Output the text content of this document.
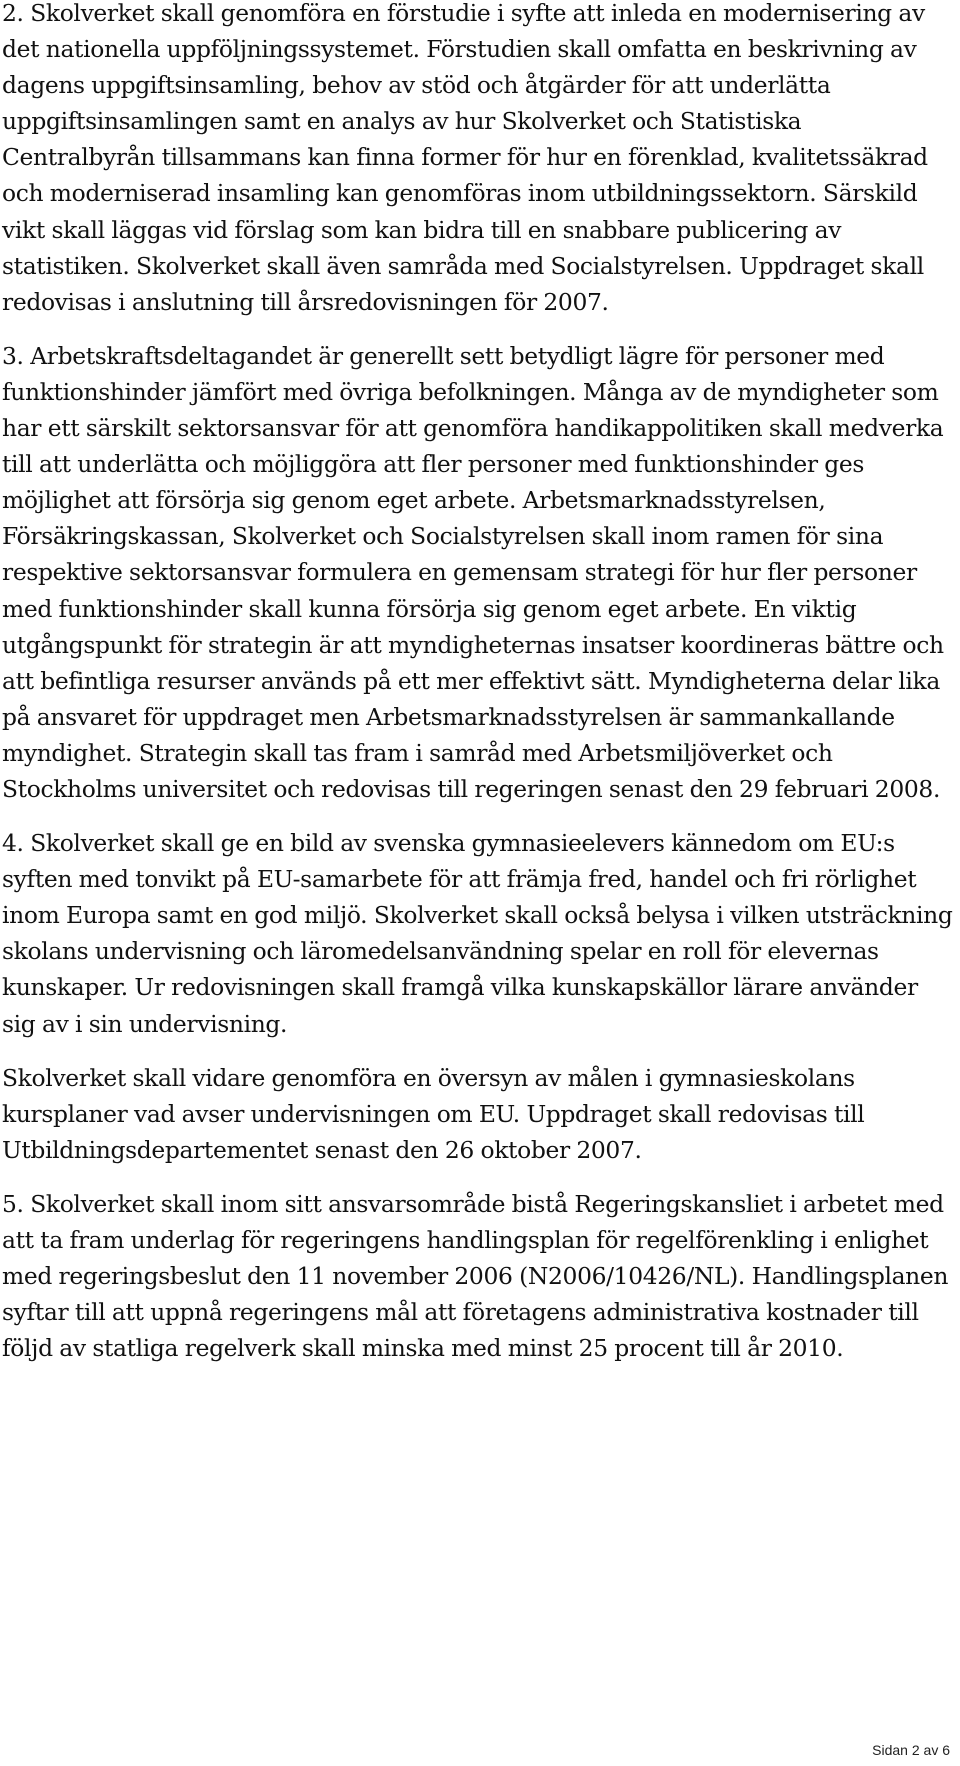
2. Skolverket skall genomföra en förstudie i syfte att inleda en modernisering av det nationella uppföljningssystemet. Förstudien skall omfatta en beskrivning av dagens uppgiftsinsamling, behov av stöd och åtgärder för att underlätta uppgiftsinsamlingen samt en analys av hur Skolverket och Statistiska Centralbyrån tillsammans kan finna former för hur en förenklad, kvalitetssäkrad och moderniserad insamling kan genomföras inom utbildningssektorn. Särskild vikt skall läggas vid förslag som kan bidra till en snabbare publicering av statistiken. Skolverket skall även samråda med Socialstyrelsen. Uppdraget skall redovisas i anslutning till årsredovisningen för 2007.

3. Arbetskraftsdeltagandet är generellt sett betydligt lägre för personer med funktionshinder jämfört med övriga befolkningen. Många av de myndigheter som har ett särskilt sektorsansvar för att genomföra handikappolitiken skall medverka till att underlätta och möjliggöra att fler personer med funktionshinder ges möjlighet att försörja sig genom eget arbete. Arbetsmarknadsstyrelsen, Försäkringskassan, Skolverket och Socialstyrelsen skall inom ramen för sina respektive sektorsansvar formulera en gemensam strategi för hur fler personer med funktionshinder skall kunna försörja sig genom eget arbete. En viktig utgångspunkt för strategin är att myndigheternas insatser koordineras bättre och att befintliga resurser används på ett mer effektivt sätt. Myndigheterna delar lika på ansvaret för uppdraget men Arbetsmarknadsstyrelsen är sammankallande myndighet. Strategin skall tas fram i samråd med Arbetsmiljöverket och Stockholms universitet och redovisas till regeringen senast den 29 februari 2008.

4. Skolverket skall ge en bild av svenska gymnasieelevers kännedom om EU:s syften med tonvikt på EU-samarbete för att främja fred, handel och fri rörlighet inom Europa samt en god miljö. Skolverket skall också belysa i vilken utsträckning skolans undervisning och läromedelsanvändning spelar en roll för elevernas kunskaper. Ur redovisningen skall framgå vilka kunskapskällor lärare använder sig av i sin undervisning.

Skolverket skall vidare genomföra en översyn av målen i gymnasieskolans kursplaner vad avser undervisningen om EU. Uppdraget skall redovisas till Utbildningsdepartementet senast den 26 oktober 2007.

5. Skolverket skall inom sitt ansvarsområde bistå Regeringskansliet i arbetet med att ta fram underlag för regeringens handlingsplan för regelförenkling i enlighet med regeringsbeslut den 11 november 2006 (N2006/10426/NL). Handlingsplanen syftar till att uppnå regeringens mål att företagens administrativa kostnader till följd av statliga regelverk skall minska med minst 25 procent till år 2010.

Sidan 2 av 6
